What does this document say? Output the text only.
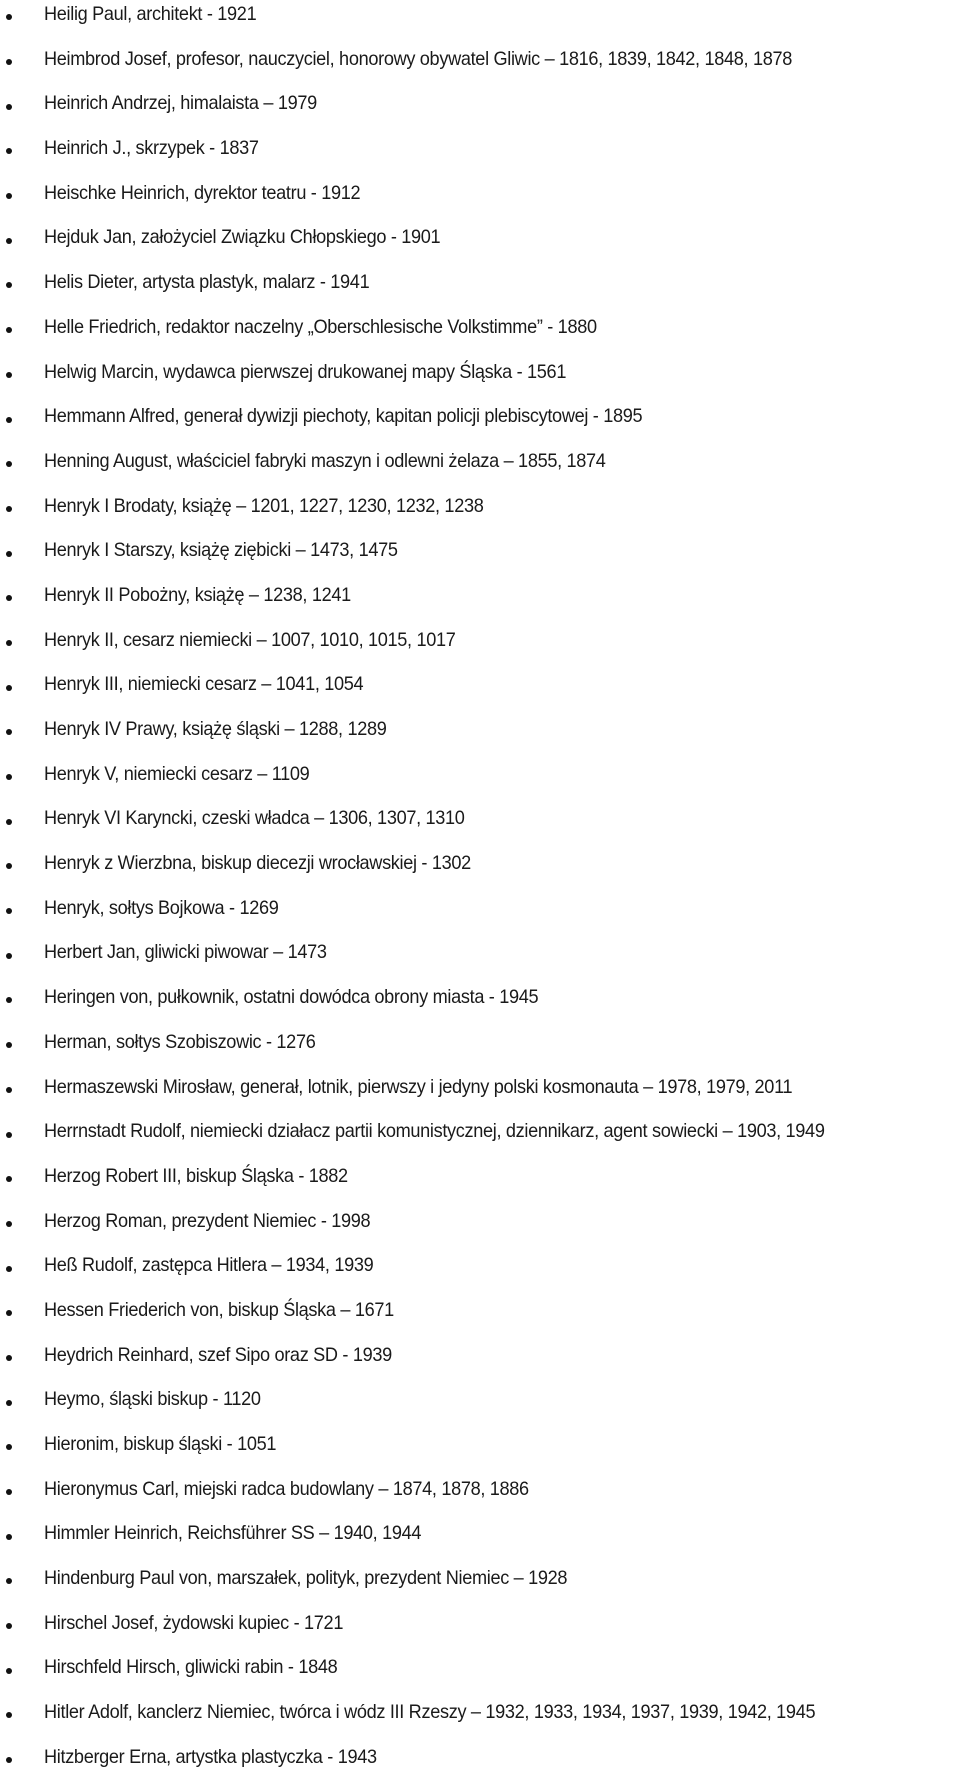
Heilig Paul, architekt - 1921
Heimbrod Josef, profesor, nauczyciel, honorowy obywatel Gliwic – 1816, 1839, 1842, 1848, 1878
Heinrich Andrzej, himalaista – 1979
Heinrich J., skrzypek - 1837
Heischke Heinrich, dyrektor teatru - 1912
Hejduk Jan, założyciel Związku Chłopskiego - 1901
Helis Dieter, artysta plastyk, malarz - 1941
Helle Friedrich, redaktor naczelny „Oberschlesische Volkstimme” - 1880
Helwig Marcin, wydawca pierwszej drukowanej mapy Śląska - 1561
Hemmann Alfred, generał dywizji piechoty, kapitan policji plebiscytowej - 1895
Henning August, właściciel fabryki maszyn i odlewni żelaza – 1855, 1874
Henryk I Brodaty, książę – 1201, 1227, 1230, 1232, 1238
Henryk I Starszy, książę ziębicki – 1473, 1475
Henryk II Pobożny, książę – 1238, 1241
Henryk II, cesarz niemiecki – 1007, 1010, 1015, 1017
Henryk III, niemiecki cesarz – 1041, 1054
Henryk IV Prawy, książę śląski – 1288, 1289
Henryk V, niemiecki cesarz – 1109
Henryk VI Karyncki, czeski władca – 1306, 1307, 1310
Henryk z Wierzbna, biskup diecezji wrocławskiej - 1302
Henryk, sołtys Bojkowa - 1269
Herbert Jan, gliwicki piwowar – 1473
Heringen von, pułkownik, ostatni dowódca obrony miasta - 1945
Herman, sołtys Szobiszowic - 1276
Hermaszewski Mirosław, generał, lotnik, pierwszy i jedyny polski kosmonauta – 1978, 1979, 2011
Herrnstadt Rudolf, niemiecki działacz partii komunistycznej, dziennikarz, agent sowiecki – 1903, 1949
Herzog Robert III, biskup Śląska - 1882
Herzog Roman, prezydent Niemiec - 1998
Heß Rudolf, zastępca Hitlera – 1934, 1939
Hessen Friederich von, biskup Śląska – 1671
Heydrich Reinhard, szef Sipo oraz SD - 1939
Heymo, śląski biskup - 1120
Hieronim, biskup śląski - 1051
Hieronymus Carl, miejski radca budowlany – 1874, 1878, 1886
Himmler Heinrich, Reichsführer SS – 1940, 1944
Hindenburg Paul von, marszałek, polityk, prezydent Niemiec – 1928
Hirschel Josef, żydowski kupiec - 1721
Hirschfeld Hirsch, gliwicki rabin - 1848
Hitler Adolf, kanclerz Niemiec, twórca i wódz III Rzeszy – 1932, 1933, 1934, 1937, 1939, 1942, 1945
Hitzberger Erna, artystka plastyczka - 1943
